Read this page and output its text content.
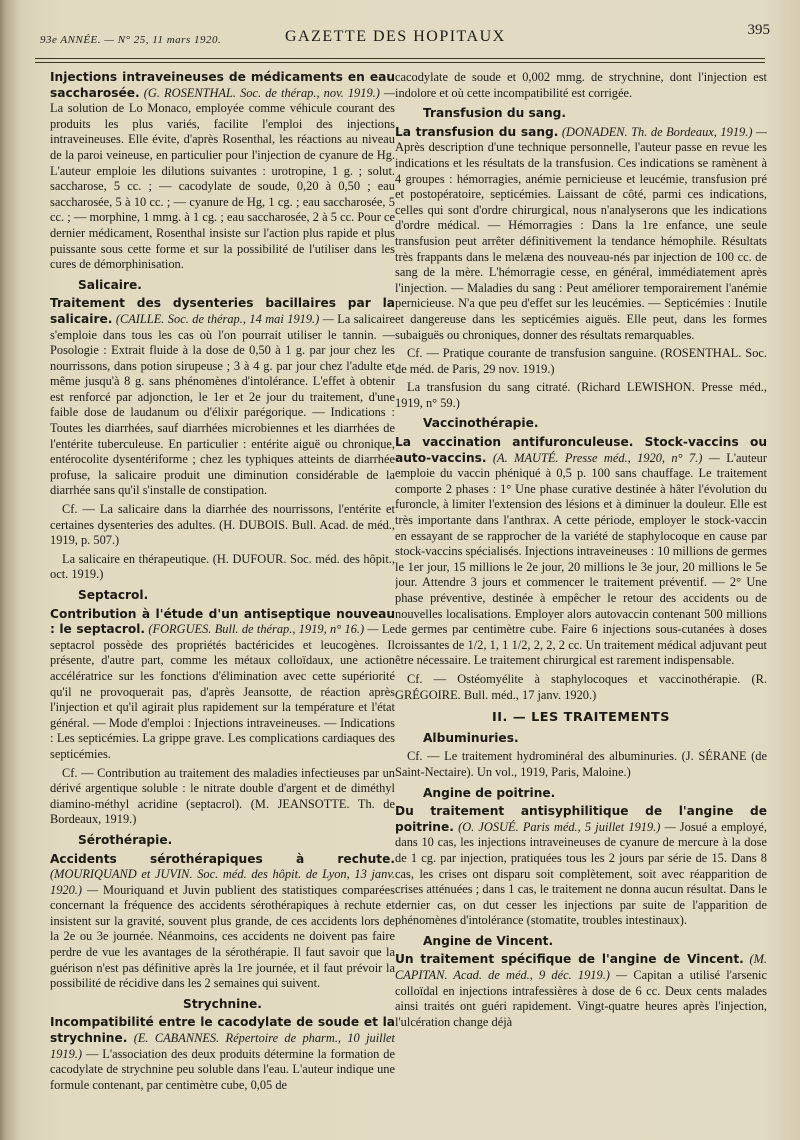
93e ANNÉE. — N° 25, 11 mars 1920.	GAZETTE DES HOPITAUX	395

Injections intraveineuses de médicaments en eau saccharosée. (G. ROSENTHAL. Soc. de thérap., nov. 1919.) — La solution de Lo Monaco, employée comme véhicule courant des produits les plus variés, facilite l'emploi des injections intraveineuses. Elle évite, d'après Rosenthal, les réactions au niveau de la paroi veineuse, en particulier pour l'injection de cyanure de Hg. L'auteur emploie les dilutions suivantes : urotropine, 1 g. ; solut. saccharose, 5 cc. ; — cacodylate de soude, 0,20 à 0,50 ; eau saccharosée, 5 à 10 cc. ; — cyanure de Hg, 1 cg. ; eau saccharosée, 5 cc. ; — morphine, 1 mmg. à 1 cg. ; eau saccharosée, 2 à 5 cc. Pour ce dernier médicament, Rosenthal insiste sur l'action plus rapide et plus puissante sous cette forme et sur la possibilité de l'utiliser dans les cures de démorphinisation.

Salicaire.

Traitement des dysenteries bacillaires par la salicaire. (CAILLE. Soc. de thérap., 14 mai 1919.) — La salicaire s'emploie dans tous les cas où l'on pourrait utiliser le tannin. — Posologie : Extrait fluide à la dose de 0,50 à 1 g. par jour chez les nourrissons, dans potion sirupeuse ; 3 à 4 g. par jour chez l'adulte et même jusqu'à 8 g. sans phénomènes d'intolérance. L'effet à obtenir est renforcé par adjonction, le 1er et 2e jour du traitement, d'une faible dose de laudanum ou d'élixir parégorique. — Indications : Toutes les diarrhées, sauf diarrhées microbiennes et les diarrhées de l'entérite tuberculeuse. En particulier : entérite aiguë ou chronique, entérocolite dysentériforme ; chez les typhiques atteints de diarrhée profuse, la salicaire produit une diminution considérable de la diarrhée sans qu'il s'installe de constipation.

Cf. — La salicaire dans la diarrhée des nourrissons, l'entérite et certaines dysenteries des adultes. (H. DUBOIS. Bull. Acad. de méd., 1919, p. 507.)

La salicaire en thérapeutique. (H. DUFOUR. Soc. méd. des hôpit., oct. 1919.)

Septacrol.

Contribution à l'étude d'un antiseptique nouveau : le septacrol. (FORGUES. Bull. de thérap., 1919, n° 16.) — Le septacrol possède des propriétés bactéricides et leucogènes. Il présente, d'autre part, comme les métaux colloïdaux, une action accélératrice sur les fonctions d'élimination avec cette supériorité qu'il ne provoquerait pas, d'après Jeansotte, de réaction après l'injection et qu'il agirait plus rapidement sur la température et l'état général. — Mode d'emploi : Injections intraveineuses. — Indications : Les septicémies. La grippe grave. Les complications cardiaques des septicémies.

Cf. — Contribution au traitement des maladies infectieuses par un dérivé argentique soluble : le nitrate double d'argent et de diméthyl diamino-méthyl acridine (septacrol). (M. JEANSOTTE. Th. de Bordeaux, 1919.)

Sérothérapie.

Accidents sérothérapiques à rechute. (MOURIQUAND et JUVIN. Soc. méd. des hôpit. de Lyon, 13 janv. 1920.) — Mouriquand et Juvin publient des statistiques comparées concernant la fréquence des accidents sérothérapiques à rechute et insistent sur la gravité, souvent plus grande, de ces accidents lors de la 2e ou 3e journée. Néanmoins, ces accidents ne doivent pas faire perdre de vue les avantages de la sérothérapie. Il faut savoir que la guérison n'est pas définitive après la 1re journée, et il faut prévoir la possibilité de récidive dans les 2 semaines qui suivent.

Strychnine.

Incompatibilité entre le cacodylate de soude et la strychnine. (E. CABANNES. Répertoire de pharm., 10 juillet 1919.) — L'association des deux produits détermine la formation de cacodylate de strychnine peu soluble dans l'eau. L'auteur indique une formule contenant, par centimètre cube, 0,05 de

cacodylate de soude et 0,002 mmg. de strychnine, dont l'injection est indolore et où cette incompatibilité est corrigée.

Transfusion du sang.

La transfusion du sang. (DONADEN. Th. de Bordeaux, 1919.) — Après description d'une technique personnelle, l'auteur passe en revue les indications et les résultats de la transfusion. Ces indications se ramènent à 4 groupes : hémorragies, anémie pernicieuse et leucémie, transfusion pré et postopératoire, septicémies. Laissant de côté, parmi ces indications, celles qui sont d'ordre chirurgical, nous n'analyserons que les indications d'ordre médical. — Hémorragies : Dans la 1re enfance, une seule transfusion peut arrêter définitivement la tendance hémophile. Résultats très frappants dans le melæna des nouveau-nés par injection de 100 cc. de sang de la mère. L'hémorragie cesse, en général, immédiatement après l'injection. — Maladies du sang : Peut améliorer temporairement l'anémie pernicieuse. N'a que peu d'effet sur les leucémies. — Septicémies : Inutile et dangereuse dans les septicémies aiguës. Elle peut, dans les formes subaiguës ou chroniques, donner des résultats remarquables.

Cf. — Pratique courante de transfusion sanguine. (ROSENTHAL. Soc. de méd. de Paris, 29 nov. 1919.)

La transfusion du sang citraté. (Richard LEWISHON. Presse méd., 1919, n° 59.)

Vaccinothérapie.

La vaccination antifuronculeuse. Stock-vaccins ou auto-vaccins. (A. MAUTÉ. Presse méd., 1920, n° 7.) — L'auteur emploie du vaccin phéniqué à 0,5 p. 100 sans chauffage. Le traitement comporte 2 phases : 1° Une phase curative destinée à hâter l'évolution du furoncle, à limiter l'extension des lésions et à diminuer la douleur. Elle est très importante dans l'anthrax. A cette période, employer le stock-vaccin en essayant de se rapprocher de la variété de staphylocoque en cause par stock-vaccins spécialisés. Injections intraveineuses : 10 millions de germes le 1er jour, 15 millions le 2e jour, 20 millions le 3e jour, 20 millions le 5e jour. Attendre 3 jours et commencer le traitement préventif. — 2° Une phase préventive, destinée à empêcher le retour des accidents ou de nouvelles localisations. Employer alors autovaccin contenant 500 millions de germes par centimètre cube. Faire 6 injections sous-cutanées à doses croissantes de 1/2, 1, 1 1/2, 2, 2, 2 cc. Un traitement médical adjuvant peut être nécessaire. Le traitement chirurgical est rarement indispensable.

Cf. — Ostéomyélite à staphylocoques et vaccinothérapie. (R. GRÉGOIRE. Bull. méd., 17 janv. 1920.)

II. — LES TRAITEMENTS
Albuminuries.

Cf. — Le traitement hydrominéral des albuminuries. (J. SÉRANE (de Saint-Nectaire). Un vol., 1919, Paris, Maloine.)

Angine de poitrine.

Du traitement antisyphilitique de l'angine de poitrine. (O. JOSUÉ. Paris méd., 5 juillet 1919.) — Josué a employé, dans 10 cas, les injections intraveineuses de cyanure de mercure à la dose de 1 cg. par injection, pratiquées tous les 2 jours par série de 15. Dans 8 cas, les crises ont disparu soit complètement, soit avec réapparition de crises atténuées ; dans 1 cas, le traitement ne donna aucun résultat. Dans le dernier cas, on dut cesser les injections par suite de l'apparition de phénomènes d'intolérance (stomatite, troubles intestinaux).

Angine de Vincent.

Un traitement spécifique de l'angine de Vincent. (M. CAPITAN. Acad. de méd., 9 déc. 1919.) — Capitan a utilisé l'arsenic colloïdal en injections intrafessières à dose de 6 cc. Deux cents malades ainsi traités ont guéri rapidement. Vingt-quatre heures après l'injection, l'ulcération change déjà
